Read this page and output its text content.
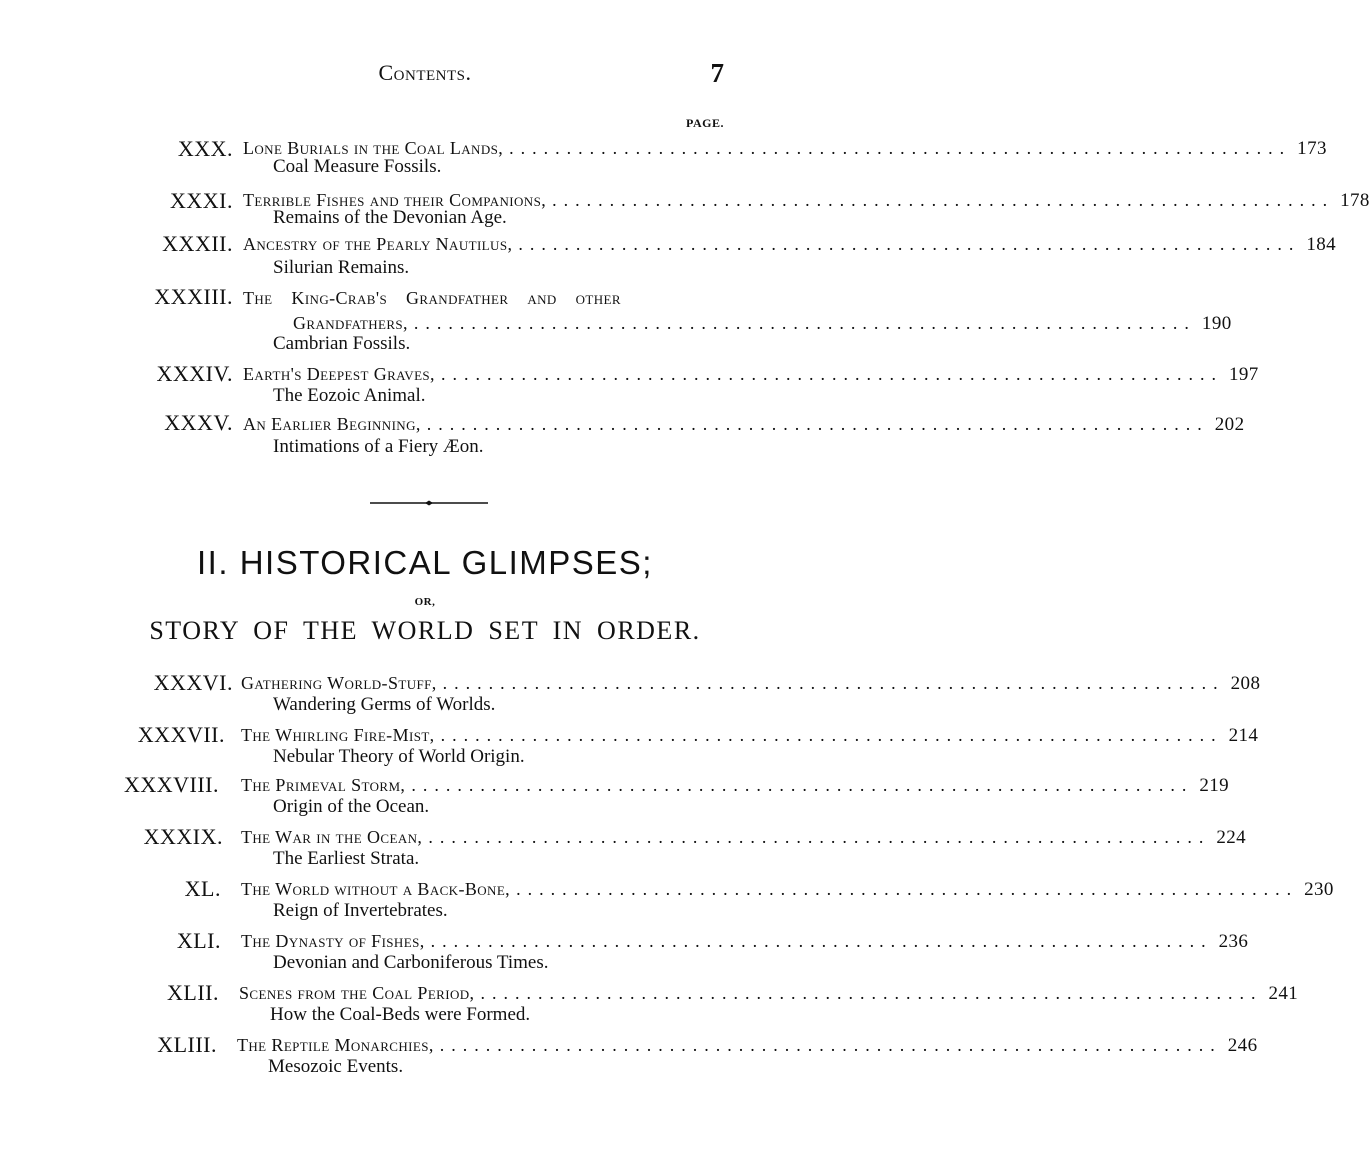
Contents.	7
PAGE.
XXX. Lone Burials in the Coal Lands, .................................................................... 173
Coal Measure Fossils.
XXXI. Terrible Fishes and their Companions, .................................................................... 178
Remains of the Devonian Age.
XXXII. Ancestry of the Pearly Nautilus, .................................................................... 184
Silurian Remains.
XXXIII. The King-Crab's Grandfather and other
Grandfathers, .................................................................... 190
Cambrian Fossils.
XXXIV. Earth's Deepest Graves, .................................................................... 197
The Eozoic Animal.
XXXV. An Earlier Beginning, .................................................................... 202
Intimations of a Fiery Æon.
II. HISTORICAL GLIMPSES;
OR,
STORY OF THE WORLD SET IN ORDER.
XXXVI. Gathering World-Stuff, .................................................................... 208
Wandering Germs of Worlds.
XXXVII. The Whirling Fire-Mist, .................................................................... 214
Nebular Theory of World Origin.
XXXVIII. The Primeval Storm, .................................................................... 219
Origin of the Ocean.
XXXIX. The War in the Ocean, .................................................................... 224
The Earliest Strata.
XL. The World without a Back-Bone, .................................................................... 230
Reign of Invertebrates.
XLI. The Dynasty of Fishes, .................................................................... 236
Devonian and Carboniferous Times.
XLII. Scenes from the Coal Period, .................................................................... 241
How the Coal-Beds were Formed.
XLIII. The Reptile Monarchies, .................................................................... 246
Mesozoic Events.
